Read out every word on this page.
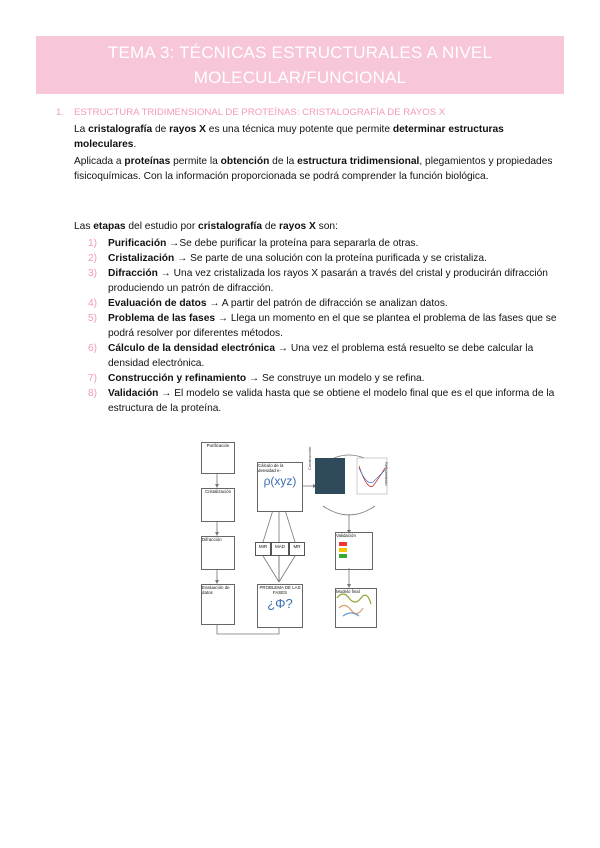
TEMA 3: TÉCNICAS ESTRUCTURALES A NIVEL
MOLECULAR/FUNCIONAL
1. ESTRUCTURA TRIDIMENSIONAL DE PROTEÍNAS: CRISTALOGRAFÍA DE RAYOS X
La cristalografía de rayos X es una técnica muy potente que permite determinar estructuras moleculares.
Aplicada a proteínas permite la obtención de la estructura tridimensional, plegamientos y propiedades fisicoquímicas. Con la información proporcionada se podrá comprender la función biológica.
Las etapas del estudio por cristalografía de rayos X son:
1) Purificación →Se debe purificar la proteína para separarla de otras.
2) Cristalización → Se parte de una solución con la proteína purificada y se cristaliza.
3) Difracción → Una vez cristalizada los rayos X pasarán a través del cristal y producirán difracción produciendo un patrón de difracción.
4) Evaluación de datos → A partir del patrón de difracción se analizan datos.
5) Problema de las fases → Llega un momento en el que se plantea el problema de las fases que se podrá resolver por diferentes métodos.
6) Cálculo de la densidad electrónica → Una vez el problema está resuelto se debe calcular la densidad electrónica.
7) Construcción y refinamiento → Se construye un modelo y se refina.
8) Validación → El modelo se valida hasta que se obtiene el modelo final que es el que informa de la estructura de la proteína.
Purificación
Cristalización
Difracción
Evaluación de datos
Cálculo de la densidad e-
ρ(xyz)
MIR	MAD	MR
PROBLEMA DE LAS FASES
¿Φ?
Construcción
Refinamiento
Validación
Modelo final
